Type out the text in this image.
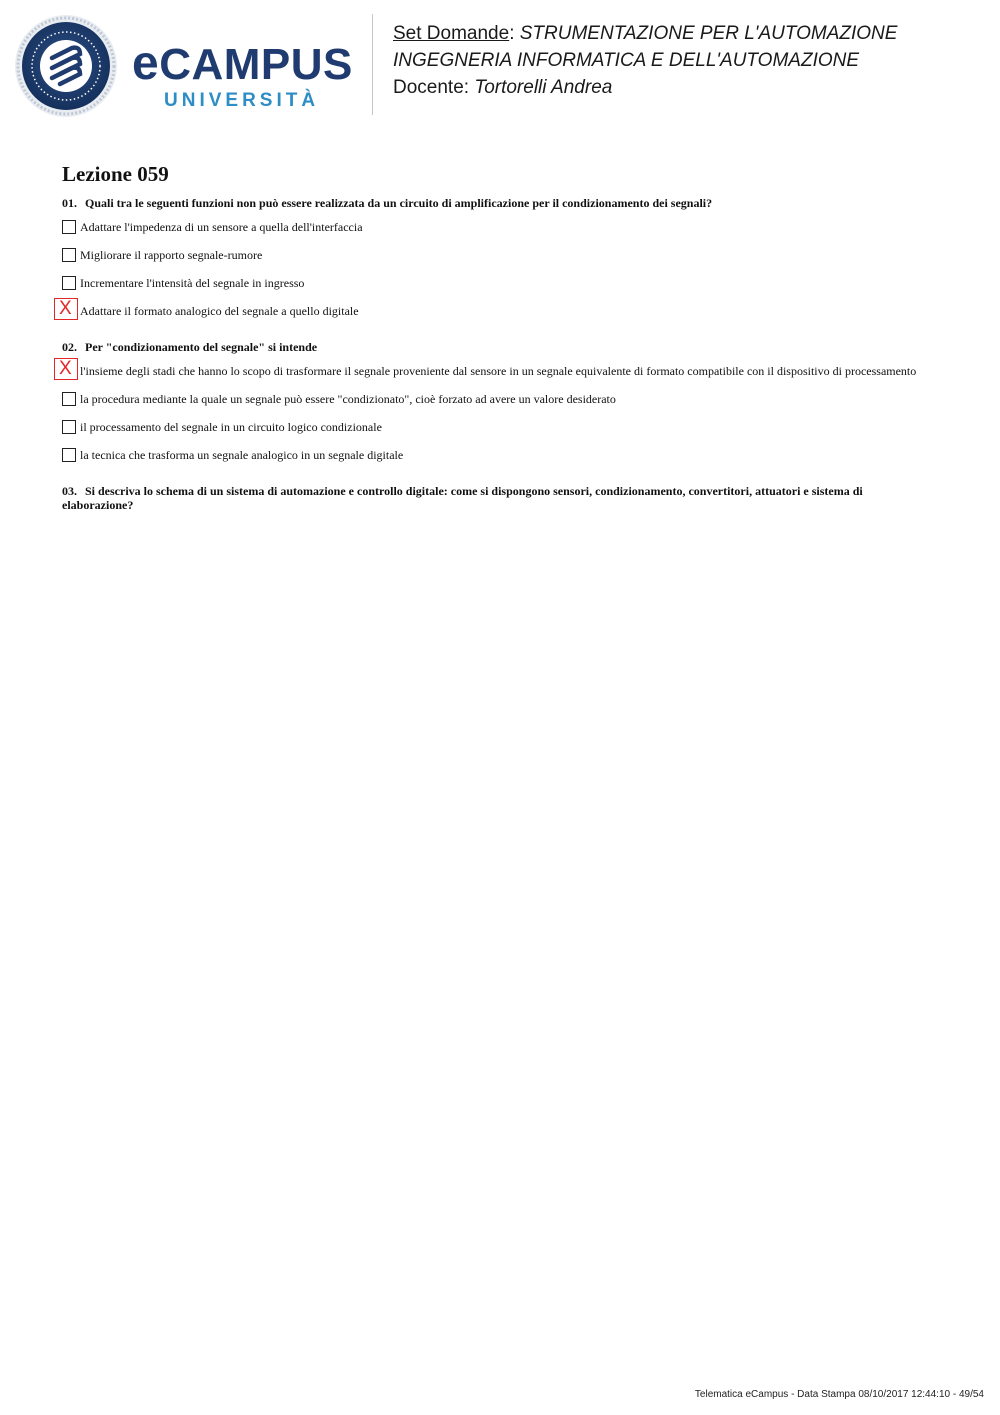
eCAMPUS
UNIVERSITÀ
Set Domande: STRUMENTAZIONE PER L'AUTOMAZIONE
INGEGNERIA INFORMATICA E DELL'AUTOMAZIONE
Docente: Tortorelli Andrea
Lezione 059
01. Quali tra le seguenti funzioni non può essere realizzata da un circuito di amplificazione per il condizionamento dei segnali?
Adattare l'impedenza di un sensore a quella dell'interfaccia
Migliorare il rapporto segnale-rumore
Incrementare l'intensità del segnale in ingresso
X
Adattare il formato analogico del segnale a quello digitale
02. Per "condizionamento del segnale" si intende
X
l'insieme degli stadi che hanno lo scopo di trasformare il segnale proveniente dal sensore in un segnale equivalente di formato compatibile con il dispositivo di processamento
la procedura mediante la quale un segnale può essere "condizionato", cioè forzato ad avere un valore desiderato
il processamento del segnale in un circuito logico condizionale
la tecnica che trasforma un segnale analogico in un segnale digitale
03. Si descriva lo schema di un sistema di automazione e controllo digitale: come si dispongono sensori, condizionamento, convertitori, attuatori e sistema di elaborazione?
Telematica eCampus - Data Stampa 08/10/2017 12:44:10 - 49/54
